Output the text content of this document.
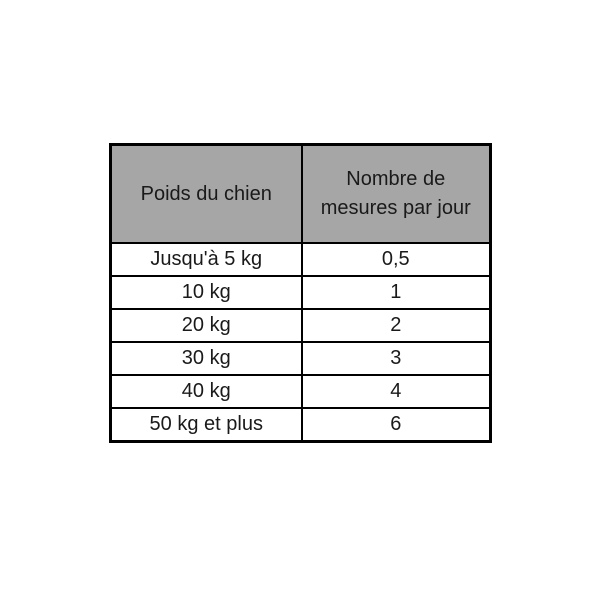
Poids du chien	Nombre de mesures par jour
Jusqu'à 5 kg	0,5
10 kg	1
20 kg	2
30 kg	3
40 kg	4
50 kg et plus	6
